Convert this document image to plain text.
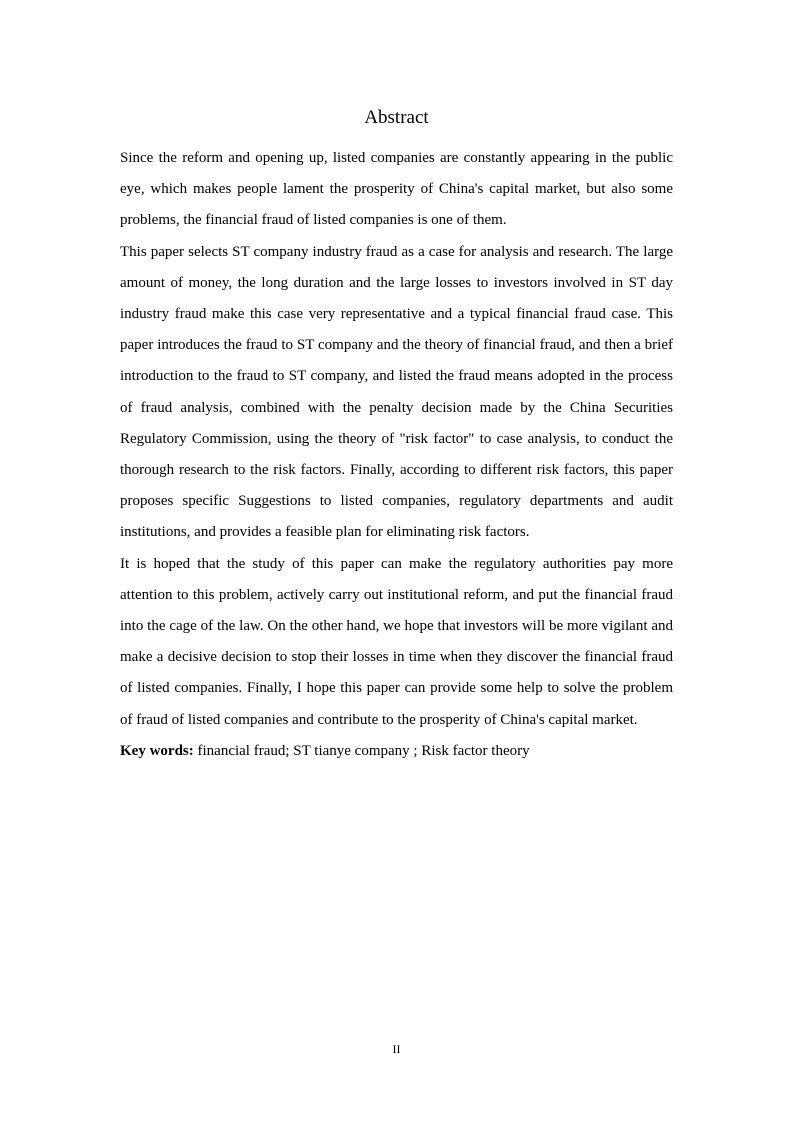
Abstract

Since the reform and opening up, listed companies are constantly appearing in the public eye, which makes people lament the prosperity of China's capital market, but also some problems, the financial fraud of listed companies is one of them.

This paper selects ST company industry fraud as a case for analysis and research. The large amount of money, the long duration and the large losses to investors involved in ST day industry fraud make this case very representative and a typical financial fraud case. This paper introduces the fraud to ST company and the theory of financial fraud, and then a brief introduction to the fraud to ST company, and listed the fraud means adopted in the process of fraud analysis, combined with the penalty decision made by the China Securities Regulatory Commission, using the theory of "risk factor" to case analysis, to conduct the thorough research to the risk factors. Finally, according to different risk factors, this paper proposes specific Suggestions to listed companies, regulatory departments and audit institutions, and provides a feasible plan for eliminating risk factors.

It is hoped that the study of this paper can make the regulatory authorities pay more attention to this problem, actively carry out institutional reform, and put the financial fraud into the cage of the law. On the other hand, we hope that investors will be more vigilant and make a decisive decision to stop their losses in time when they discover the financial fraud of listed companies. Finally, I hope this paper can provide some help to solve the problem of fraud of listed companies and contribute to the prosperity of China's capital market.

Key words: financial fraud; ST tianye company ; Risk factor theory

II
